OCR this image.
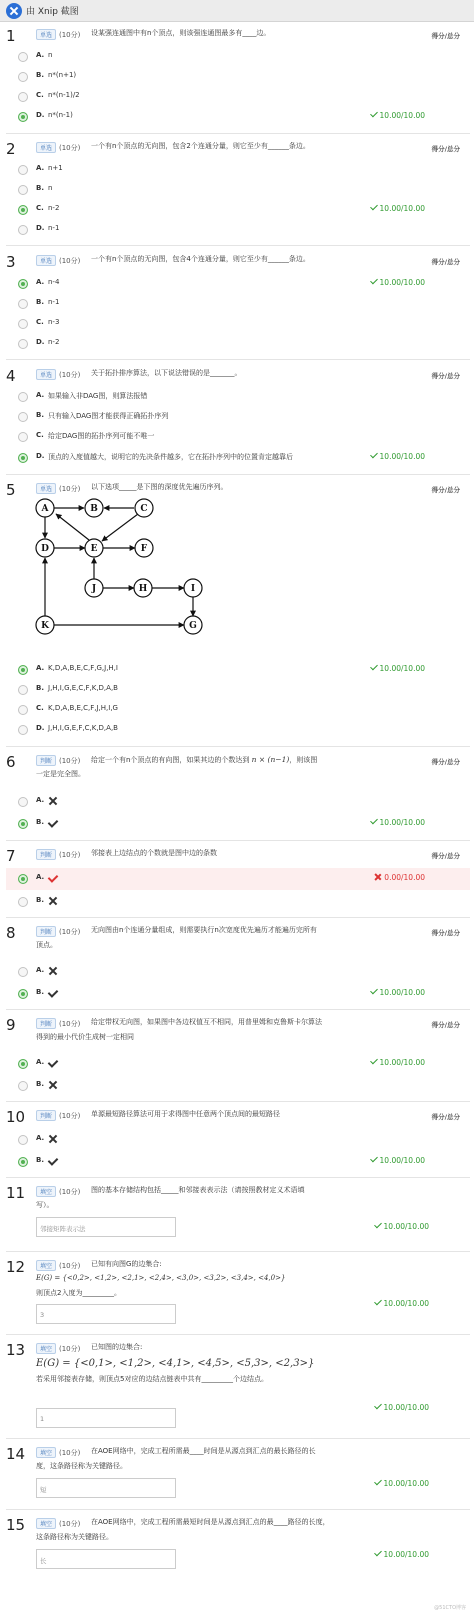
由 Xnip 截图
1	单选 (10分) 设某强连通图中有n个顶点，则该强连通图最多有____边。	得分/总分
A. n
B. n*(n+1)
C. n*(n-1)/2
D. n*(n-1)	10.00/10.00
2	单选 (10分) 一个有n个顶点的无向图，包含2个连通分量，则它至少有______条边。	得分/总分
A. n+1
B. n
C. n-2	10.00/10.00
D. n-1
3	单选 (10分) 一个有n个顶点的无向图，包含4个连通分量，则它至少有______条边。	得分/总分
A. n-4	10.00/10.00
B. n-1
C. n-3
D. n-2
4	单选 (10分) 关于拓扑排序算法，以下说法错误的是_______。	得分/总分
A. 如果输入非DAG图，则算法报错
B. 只有输入DAG图才能获得正确拓扑序列
C. 给定DAG图的拓扑序列可能不唯一
D. 顶点的入度值越大，说明它的先决条件越多，它在拓扑序列中的位置肯定越靠后	10.00/10.00
5	单选 (10分) 以下选项_____是下图的深度优先遍历序列。	得分/总分
A	B	C
D	E	F
J	H	I
K	G
A. K,D,A,B,E,C,F,G,J,H,I	10.00/10.00
B. J,H,I,G,E,C,F,K,D,A,B
C. K,D,A,B,E,C,F,J,H,I,G
D. J,H,I,G,E,F,C,K,D,A,B
6	判断 (10分) 给定一个有n个顶点的有向图，如果其边的个数达到 n × (n−1)，则该图
一定是完全图。
得分/总分
A.
B.	10.00/10.00
7	判断 (10分) 邻接表上边结点的个数就是图中边的条数	得分/总分
A.	0.00/10.00
B.
8	判断 (10分) 无向图由n个连通分量组成，则需要执行n次宽度优先遍历才能遍历完所有
顶点。
得分/总分
A.
B.	10.00/10.00
9	判断 (10分) 给定带权无向图，如果图中各边权值互不相同，用普里姆和克鲁斯卡尔算法
得到的最小代价生成树一定相同
得分/总分
A.	10.00/10.00
B.
10	判断 (10分) 单源最短路径算法可用于求得图中任意两个顶点间的最短路径	得分/总分
A.
B.	10.00/10.00
11	填空 (10分) 图的基本存储结构包括_____和邻接表表示法（请按照教材定义术语填
写）。
邻接矩阵表示法	10.00/10.00
12	填空 (10分) 已知有向图G的边集合:
E(G) = {<0,2>, <1,2>, <2,1>, <2,4>, <3,0>, <3,2>, <3,4>, <4,0>}
则顶点2入度为_________。
3
10.00/10.00
13	填空 (10分) 已知图的边集合:
E(G) = {<0,1>, <1,2>, <4,1>, <4,5>, <5,3>, <2,3>}
若采用邻接表存储，则顶点5对应的边结点链表中共有_________个边结点。
1
10.00/10.00
14	填空 (10分) 在AOE网络中，完成工程所需最____时间是从源点到汇点的最长路径的长
度，这条路径称为关键路径。
短
10.00/10.00
15	填空 (10分) 在AOE网络中，完成工程所需最短时间是从源点到汇点的最____路径的长度，
这条路径称为关键路径。
长
10.00/10.00
@51CTO博客
